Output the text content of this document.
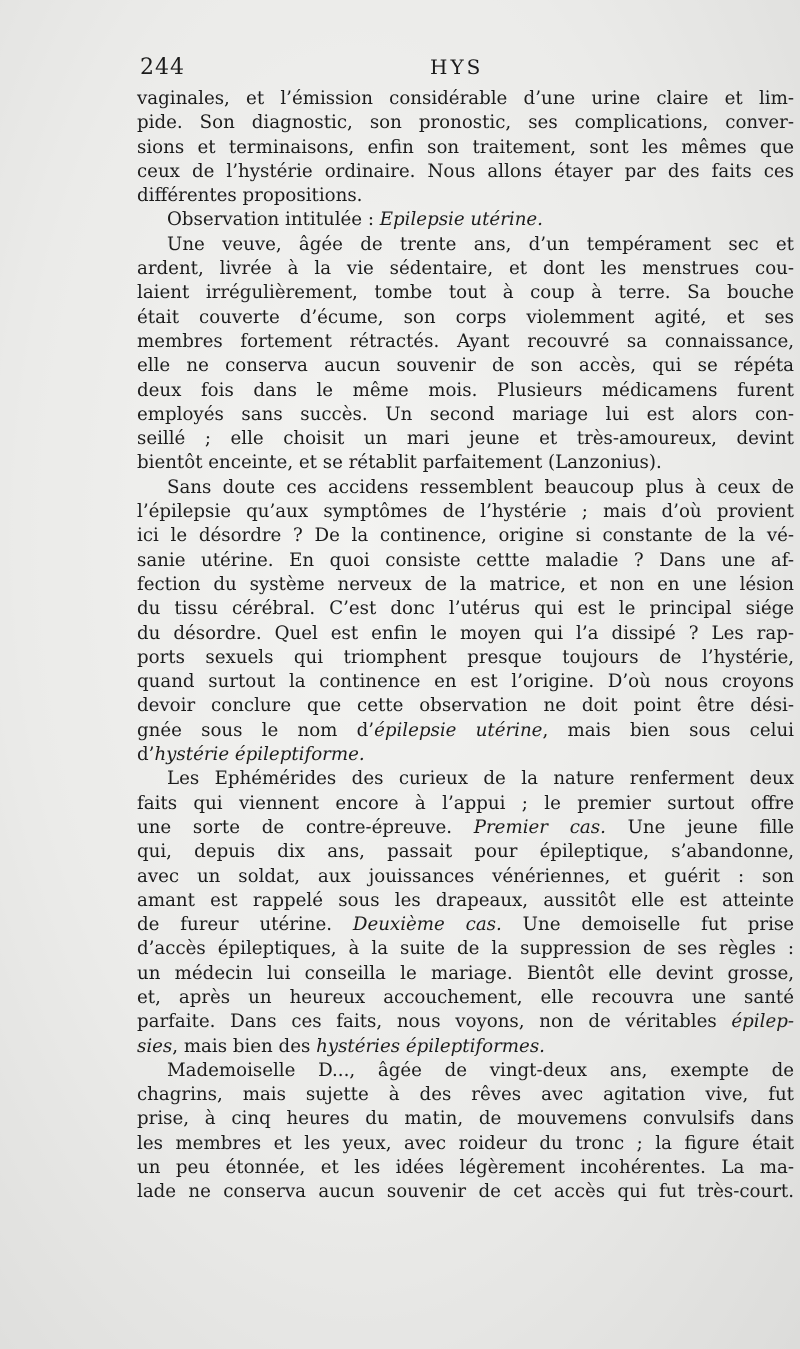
244	HYS
vaginales, et l’émission considérable d’une urine claire et lim-
pide. Son diagnostic, son pronostic, ses complications, conver-
sions et terminaisons, enfin son traitement, sont les mêmes que
ceux de l’hystérie ordinaire. Nous allons étayer par des faits ces
différentes propositions.
Observation intitulée : Epilepsie utérine.
Une veuve, âgée de trente ans, d’un tempérament sec et
ardent, livrée à la vie sédentaire, et dont les menstrues cou-
laient irrégulièrement, tombe tout à coup à terre. Sa bouche
était couverte d’écume, son corps violemment agité, et ses
membres fortement rétractés. Ayant recouvré sa connaissance,
elle ne conserva aucun souvenir de son accès, qui se répéta
deux fois dans le même mois. Plusieurs médicamens furent
employés sans succès. Un second mariage lui est alors con-
seillé ; elle choisit un mari jeune et très-amoureux, devint
bientôt enceinte, et se rétablit parfaitement (Lanzonius).
Sans doute ces accidens ressemblent beaucoup plus à ceux de
l’épilepsie qu’aux symptômes de l’hystérie ; mais d’où provient
ici le désordre ? De la continence, origine si constante de la vé-
sanie utérine. En quoi consiste cettte maladie ? Dans une af-
fection du système nerveux de la matrice, et non en une lésion
du tissu cérébral. C’est donc l’utérus qui est le principal siége
du désordre. Quel est enfin le moyen qui l’a dissipé ? Les rap-
ports sexuels qui triomphent presque toujours de l’hystérie,
quand surtout la continence en est l’origine. D’où nous croyons
devoir conclure que cette observation ne doit point être dési-
gnée sous le nom d’épilepsie utérine, mais bien sous celui
d’hystérie épileptiforme.
Les Ephémérides des curieux de la nature renferment deux
faits qui viennent encore à l’appui ; le premier surtout offre
une sorte de contre-épreuve. Premier cas. Une jeune fille
qui, depuis dix ans, passait pour épileptique, s’abandonne,
avec un soldat, aux jouissances vénériennes, et guérit : son
amant est rappelé sous les drapeaux, aussitôt elle est atteinte
de fureur utérine. Deuxième cas. Une demoiselle fut prise
d’accès épileptiques, à la suite de la suppression de ses règles :
un médecin lui conseilla le mariage. Bientôt elle devint grosse,
et, après un heureux accouchement, elle recouvra une santé
parfaite. Dans ces faits, nous voyons, non de véritables épilep-
sies, mais bien des hystéries épileptiformes.
Mademoiselle D..., âgée de vingt-deux ans, exempte de
chagrins, mais sujette à des rêves avec agitation vive, fut
prise, à cinq heures du matin, de mouvemens convulsifs dans
les membres et les yeux, avec roideur du tronc ; la figure était
un peu étonnée, et les idées légèrement incohérentes. La ma-
lade ne conserva aucun souvenir de cet accès qui fut très-court.
